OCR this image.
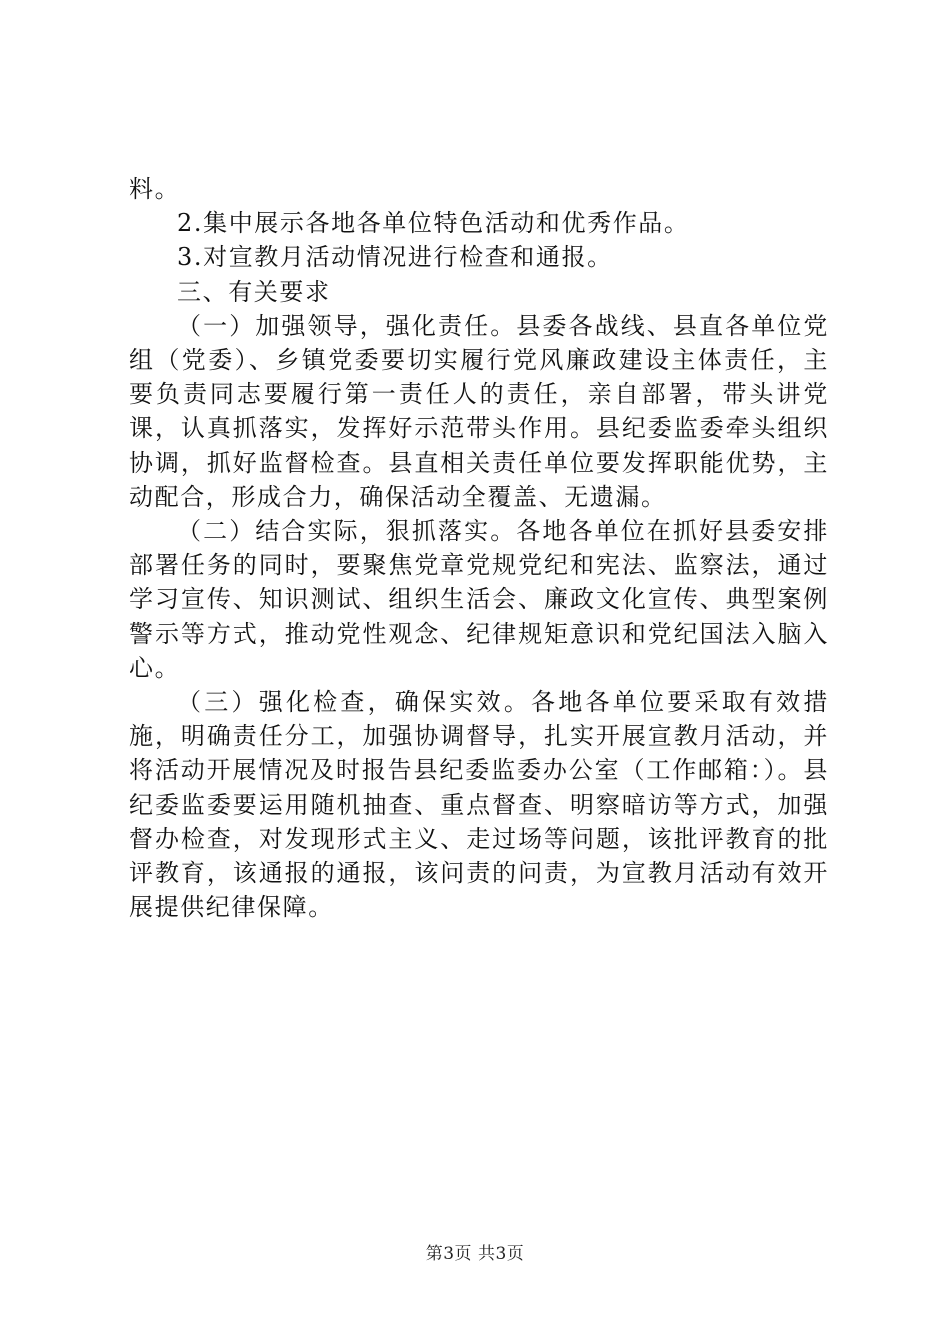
料。

2.集中展示各地各单位特色活动和优秀作品。

3.对宣教月活动情况进行检查和通报。

三、有关要求

（一）加强领导，强化责任。县委各战线、县直各单位党组（党委）、乡镇党委要切实履行党风廉政建设主体责任，主要负责同志要履行第一责任人的责任，亲自部署，带头讲党课，认真抓落实，发挥好示范带头作用。县纪委监委牵头组织协调，抓好监督检查。县直相关责任单位要发挥职能优势，主动配合，形成合力，确保活动全覆盖、无遗漏。

（二）结合实际，狠抓落实。各地各单位在抓好县委安排部署任务的同时，要聚焦党章党规党纪和宪法、监察法，通过学习宣传、知识测试、组织生活会、廉政文化宣传、典型案例警示等方式，推动党性观念、纪律规矩意识和党纪国法入脑入心。

（三）强化检查，确保实效。各地各单位要采取有效措施，明确责任分工，加强协调督导，扎实开展宣教月活动，并将活动开展情况及时报告县纪委监委办公室（工作邮箱：）。县纪委监委要运用随机抽查、重点督查、明察暗访等方式，加强督办检查，对发现形式主义、走过场等问题，该批评教育的批评教育，该通报的通报，该问责的问责，为宣教月活动有效开展提供纪律保障。

第3页 共3页
